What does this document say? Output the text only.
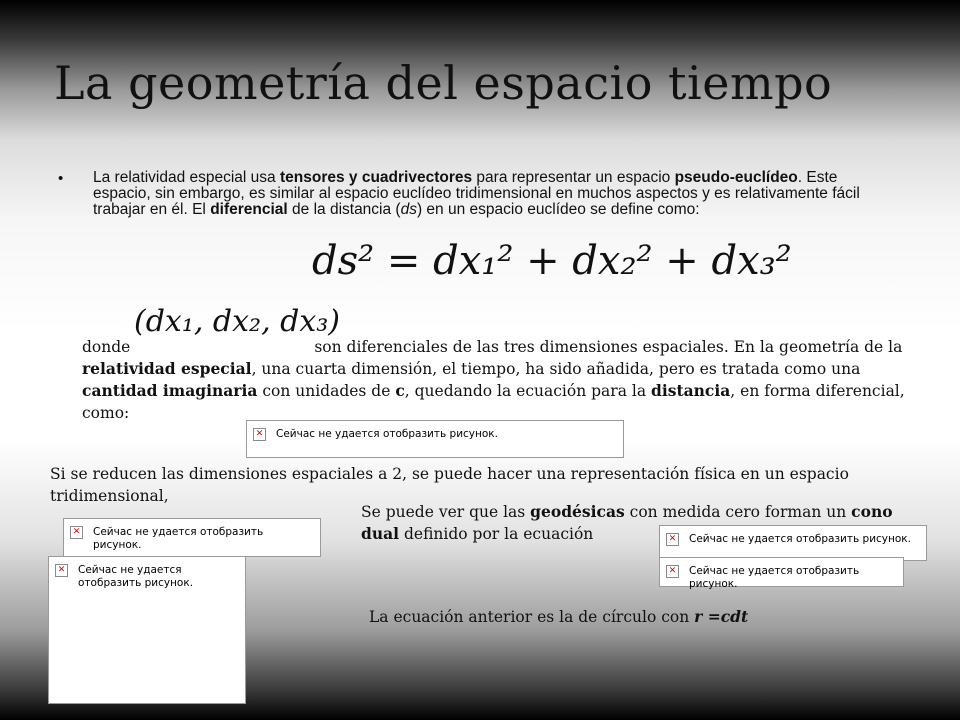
La geometría del espacio tiempo
• La relatividad especial usa tensores y cuadrivectores para representar un espacio pseudo-euclídeo. Este espacio, sin embargo, es similar al espacio euclídeo tridimensional en muchos aspectos y es relativamente fácil trabajar en él. El diferencial de la distancia (ds) en un espacio euclídeo se define como:
ds² = dx₁² + dx₂² + dx₃²
(dx₁, dx₂, dx₃)
donde	son diferenciales de las tres dimensiones espaciales. En la geometría de la relatividad especial, una cuarta dimensión, el tiempo, ha sido añadida, pero es tratada como una cantidad imaginaria con unidades de c, quedando la ecuación para la distancia, en forma diferencial, como:
✕ Сейчас не удается отобразить рисунок.
Si se reducen las dimensiones espaciales a 2, se puede hacer una representación física en un espacio tridimensional,
Se puede ver que las geodésicas con medida cero forman un cono dual definido por la ecuación
✕ Сейчас не удается отобразить рисунок.
✕ Сейчас не удается отобразить рисунок.
✕ Сейчас не удается отобразить рисунок.
✕ Сейчас не удается отобразить рисунок.
La ecuación anterior es la de círculo con r =cdt
